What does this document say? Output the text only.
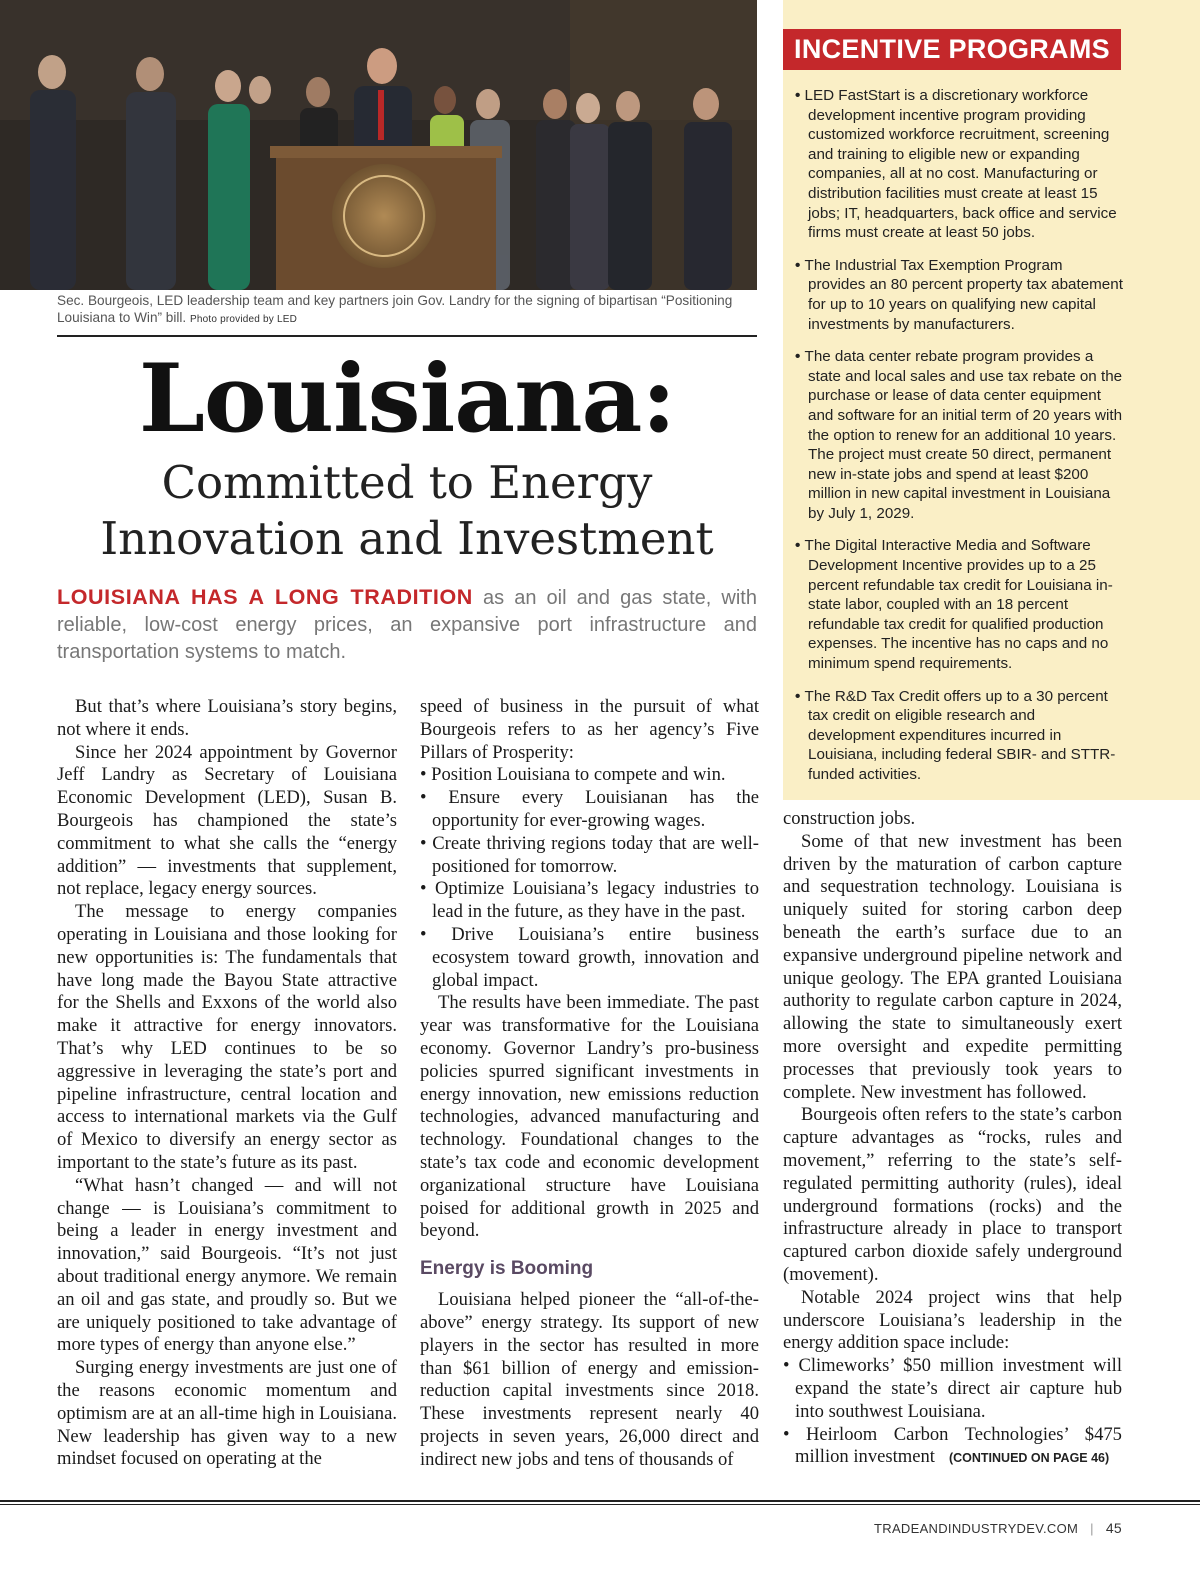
Sec. Bourgeois, LED leadership team and key partners join Gov. Landry for the signing of bipartisan “Positioning Louisiana to Win” bill. Photo provided by LED
Louisiana:
Committed to Energy Innovation and Investment
LOUISIANA HAS A LONG TRADITION as an oil and gas state, with reliable, low-cost energy prices, an expansive port infrastructure and transportation systems to match.

But that’s where Louisiana’s story begins, not where it ends.

Since her 2024 appointment by Governor Jeff Landry as Secretary of Louisiana Economic Development (LED), Susan B. Bourgeois has championed the state’s commitment to what she calls the “energy addition” — investments that supplement, not replace, legacy energy sources.

The message to energy companies operating in Louisiana and those looking for new opportunities is: The fundamentals that have long made the Bayou State attractive for the Shells and Exxons of the world also make it attractive for energy innovators. That’s why LED continues to be so aggressive in leveraging the state’s port and pipeline infrastructure, central location and access to international markets via the Gulf of Mexico to diversify an energy sector as important to the state’s future as its past.

“What hasn’t changed — and will not change — is Louisiana’s commitment to being a leader in energy investment and innovation,” said Bourgeois. “It’s not just about traditional energy anymore. We remain an oil and gas state, and proudly so. But we are uniquely positioned to take advantage of more types of energy than anyone else.”

Surging energy investments are just one of the reasons economic momentum and optimism are at an all-time high in Louisiana. New leadership has given way to a new mindset focused on operating at the

speed of business in the pursuit of what Bourgeois refers to as her agency’s Five Pillars of Prosperity:

• Position Louisiana to compete and win.
• Ensure every Louisianan has the opportunity for ever-growing wages.
• Create thriving regions today that are well-positioned for tomorrow.
• Optimize Louisiana’s legacy industries to lead in the future, as they have in the past.
• Drive Louisiana’s entire business ecosystem toward growth, innovation and global impact.

The results have been immediate. The past year was transformative for the Louisiana economy. Governor Landry’s pro-business policies spurred significant investments in energy innovation, new emissions reduction technologies, advanced manufacturing and technology. Foundational changes to the state’s tax code and economic development organizational structure have Louisiana poised for additional growth in 2025 and beyond.

Energy is Booming

Louisiana helped pioneer the “all-of-the-above” energy strategy. Its support of new players in the sector has resulted in more than $61 billion of energy and emission-reduction capital investments since 2018. These investments represent nearly 40 projects in seven years, 26,000 direct and indirect new jobs and tens of thousands of

INCENTIVE PROGRAMS
• LED FastStart is a discretionary workforce development incentive program providing customized workforce recruitment, screening and training to eligible new or expanding companies, all at no cost. Manufacturing or distribution facilities must create at least 15 jobs; IT, headquarters, back office and service firms must create at least 50 jobs.
• The Industrial Tax Exemption Program provides an 80 percent property tax abatement for up to 10 years on qualifying new capital investments by manufacturers.
• The data center rebate program provides a state and local sales and use tax rebate on the purchase or lease of data center equipment and software for an initial term of 20 years with the option to renew for an additional 10 years. The project must create 50 direct, permanent new in-state jobs and spend at least $200 million in new capital investment in Louisiana by July 1, 2029.
• The Digital Interactive Media and Software Development Incentive provides up to a 25 percent refundable tax credit for Louisiana in-state labor, coupled with an 18 percent refundable tax credit for qualified production expenses. The incentive has no caps and no minimum spend requirements.
• The R&D Tax Credit offers up to a 30 percent tax credit on eligible research and development expenditures incurred in Louisiana, including federal SBIR- and STTR- funded activities.

construction jobs.

Some of that new investment has been driven by the maturation of carbon capture and sequestration technology. Louisiana is uniquely suited for storing carbon deep beneath the earth’s surface due to an expansive underground pipeline network and unique geology. The EPA granted Louisiana authority to regulate carbon capture in 2024, allowing the state to simultaneously exert more oversight and expedite permitting processes that previously took years to complete. New investment has followed.

Bourgeois often refers to the state’s carbon capture advantages as “rocks, rules and movement,” referring to the state’s self-regulated permitting authority (rules), ideal underground formations (rocks) and the infrastructure already in place to transport captured carbon dioxide safely underground (movement).

Notable 2024 project wins that help underscore Louisiana’s leadership in the energy addition space include:

• Climeworks’ $50 million investment will expand the state’s direct air capture hub into southwest Louisiana.
• Heirloom Carbon Technologies’ $475 million investment (CONTINUED ON PAGE 46)
TRADEANDINDUSTRYDEV.COM | 45
